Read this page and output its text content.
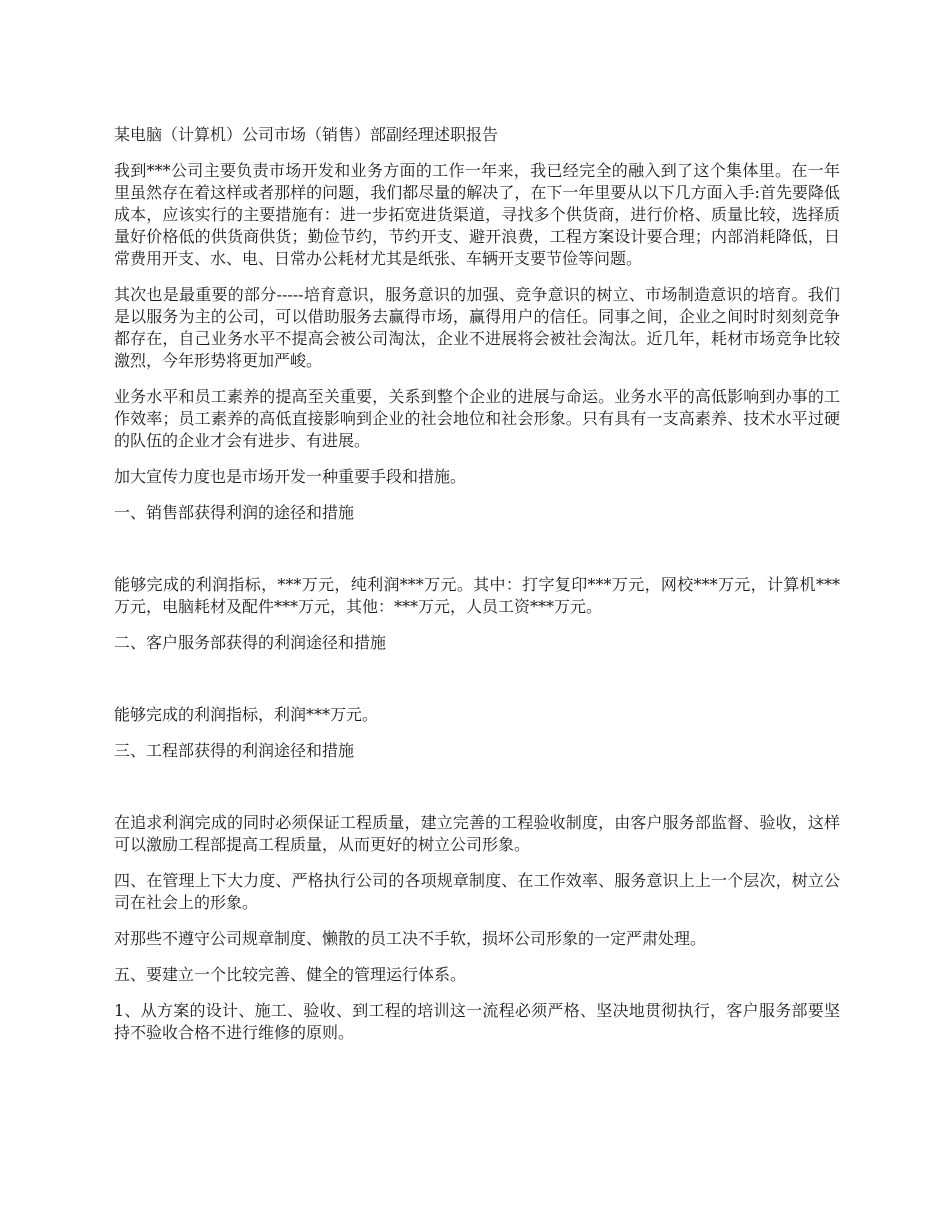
某电脑（计算机）公司市场（销售）部副经理述职报告

我到***公司主要负责市场开发和业务方面的工作一年来，我已经完全的融入到了这个集体里。在一年里虽然存在着这样或者那样的问题，我们都尽量的解决了，在下一年里要从以下几方面入手:首先要降低成本，应该实行的主要措施有：进一步拓宽进货渠道，寻找多个供货商，进行价格、质量比较，选择质量好价格低的供货商供货；勤俭节约，节约开支、避开浪费，工程方案设计要合理；内部消耗降低，日常费用开支、水、电、日常办公耗材尤其是纸张、车辆开支要节俭等问题。

其次也是最重要的部分-----培育意识，服务意识的加强、竞争意识的树立、市场制造意识的培育。我们是以服务为主的公司，可以借助服务去赢得市场，赢得用户的信任。同事之间，企业之间时时刻刻竞争都存在，自己业务水平不提高会被公司淘汰，企业不进展将会被社会淘汰。近几年，耗材市场竞争比较激烈，今年形势将更加严峻。

业务水平和员工素养的提高至关重要，关系到整个企业的进展与命运。业务水平的高低影响到办事的工作效率；员工素养的高低直接影响到企业的社会地位和社会形象。只有具有一支高素养、技术水平过硬的队伍的企业才会有进步、有进展。

加大宣传力度也是市场开发一种重要手段和措施。

一、销售部获得利润的途径和措施

能够完成的利润指标，***万元，纯利润***万元。其中：打字复印***万元，网校***万元，计算机***万元，电脑耗材及配件***万元，其他：***万元，人员工资***万元。

二、客户服务部获得的利润途径和措施

能够完成的利润指标，利润***万元。

三、工程部获得的利润途径和措施

在追求利润完成的同时必须保证工程质量，建立完善的工程验收制度，由客户服务部监督、验收，这样可以激励工程部提高工程质量，从而更好的树立公司形象。

四、在管理上下大力度、严格执行公司的各项规章制度、在工作效率、服务意识上上一个层次，树立公司在社会上的形象。

对那些不遵守公司规章制度、懒散的员工决不手软，损坏公司形象的一定严肃处理。

五、要建立一个比较完善、健全的管理运行体系。

1、从方案的设计、施工、验收、到工程的培训这一流程必须严格、坚决地贯彻执行，客户服务部要坚持不验收合格不进行维修的原则。
